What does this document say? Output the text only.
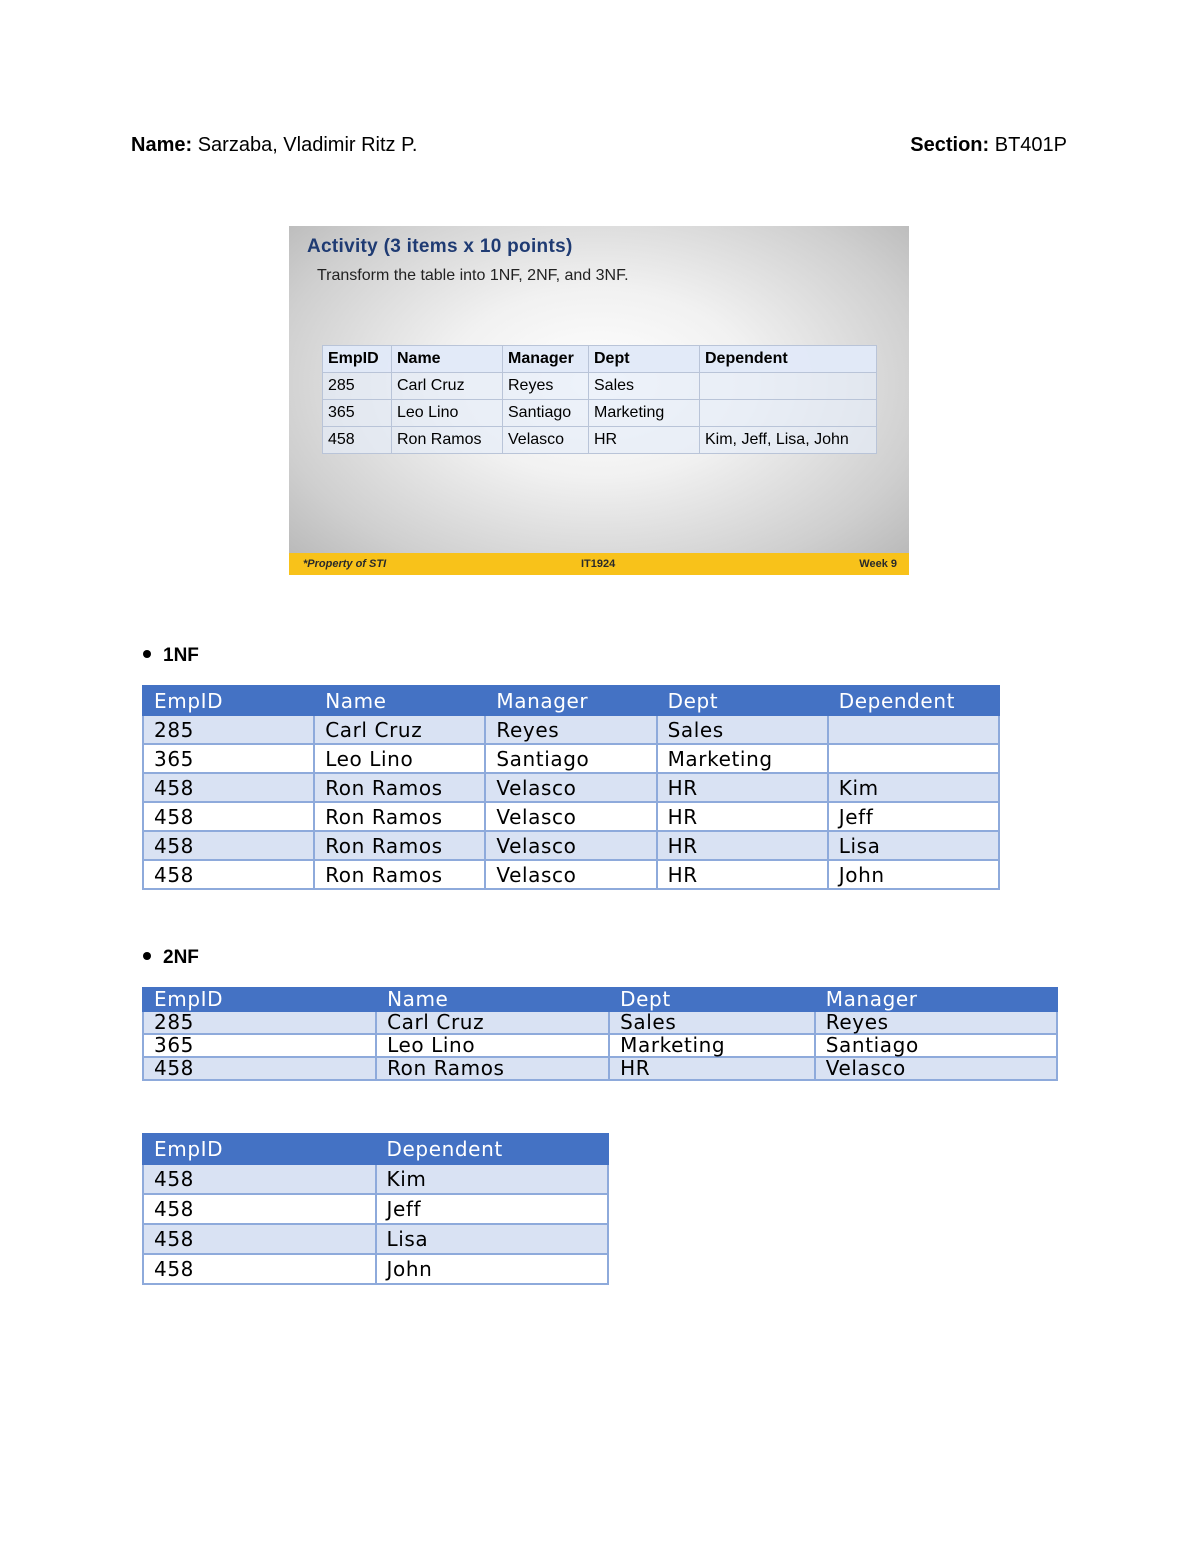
Name: Sarzaba, Vladimir Ritz P.	Section: BT401P
Activity (3 items x 10 points)
Transform the table into 1NF, 2NF, and 3NF.
EmpID	Name	Manager	Dept	Dependent
285	Carl Cruz	Reyes	Sales	
365	Leo Lino	Santiago	Marketing	
458	Ron Ramos	Velasco	HR	Kim, Jeff, Lisa, John
*Property of STI	IT1924	Week 9
1NF
EmpID	Name	Manager	Dept	Dependent
285	Carl Cruz	Reyes	Sales	
365	Leo Lino	Santiago	Marketing	
458	Ron Ramos	Velasco	HR	Kim
458	Ron Ramos	Velasco	HR	Jeff
458	Ron Ramos	Velasco	HR	Lisa
458	Ron Ramos	Velasco	HR	John
2NF
EmpID	Name	Dept	Manager
285	Carl Cruz	Sales	Reyes
365	Leo Lino	Marketing	Santiago
458	Ron Ramos	HR	Velasco
EmpID	Dependent
458	Kim
458	Jeff
458	Lisa
458	John
